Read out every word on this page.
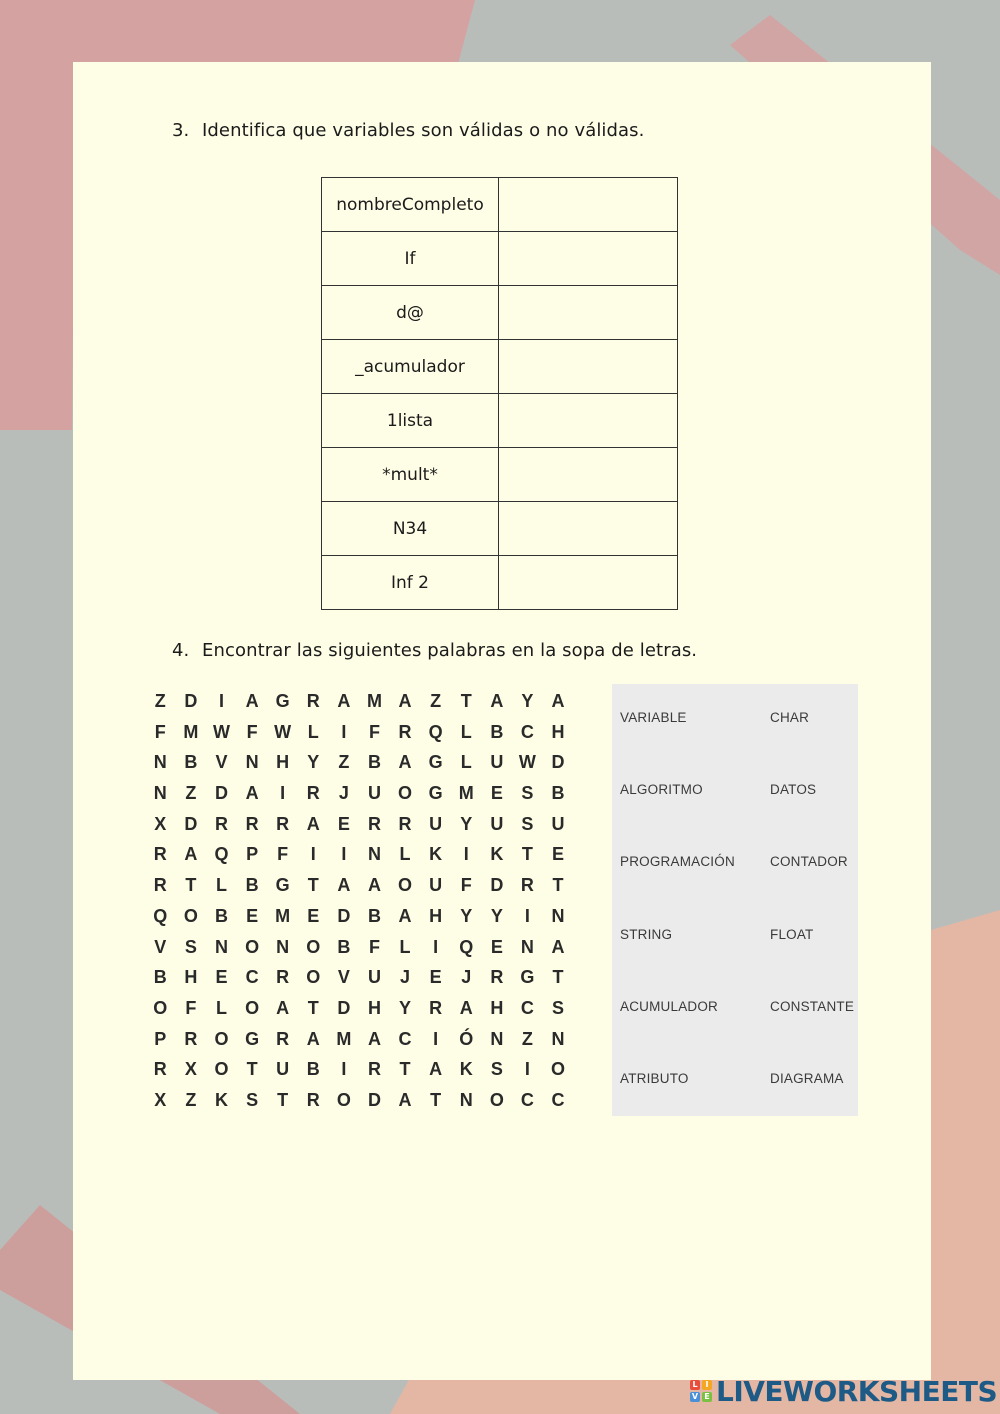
3. Identifica que variables son válidas o no válidas.
nombreCompleto	
If	
d@	
_acumulador	
1lista	
*mult*	
N34	
Inf 2	
4. Encontrar las siguientes palabras en la sopa de letras.
Z	D	I	A G R A M A	Z	T	A	Y	A
F M W F W L	I	F	R Q	L	B C H
N B	V	N H	Y	Z	B A G	L	U W D
N	Z	D A	I	R	J	U O G M E	S	B
X	D R R R A	E	R R U	Y	U	S	U
R A Q P	F	I	I	N	L	K	I	K	T	E
R	T	L	B G	T	A A O U	F	D R	T
Q O B	E M E	D B A H	Y	Y	I	N
V	S	N O N O B	F	L	I	Q E	N A
B H	E	C R O V	U	J	E	J	R G	T
O	F	L	O A	T	D H	Y	R A H C	S
P	R O G R A M A C	I	Ó N	Z	N
R	X O	T	U B	I	R	T	A K	S	I	O
X	Z	K	S	T	R O D A	T	N O C C
VARIABLE	CHAR
ALGORITMO	DATOS
PROGRAMACIÓN	CONTADOR
STRING	FLOAT
ACUMULADOR	CONSTANTE
ATRIBUTO	DIAGRAMA
L I
V E LIVEWORKSHEETS
